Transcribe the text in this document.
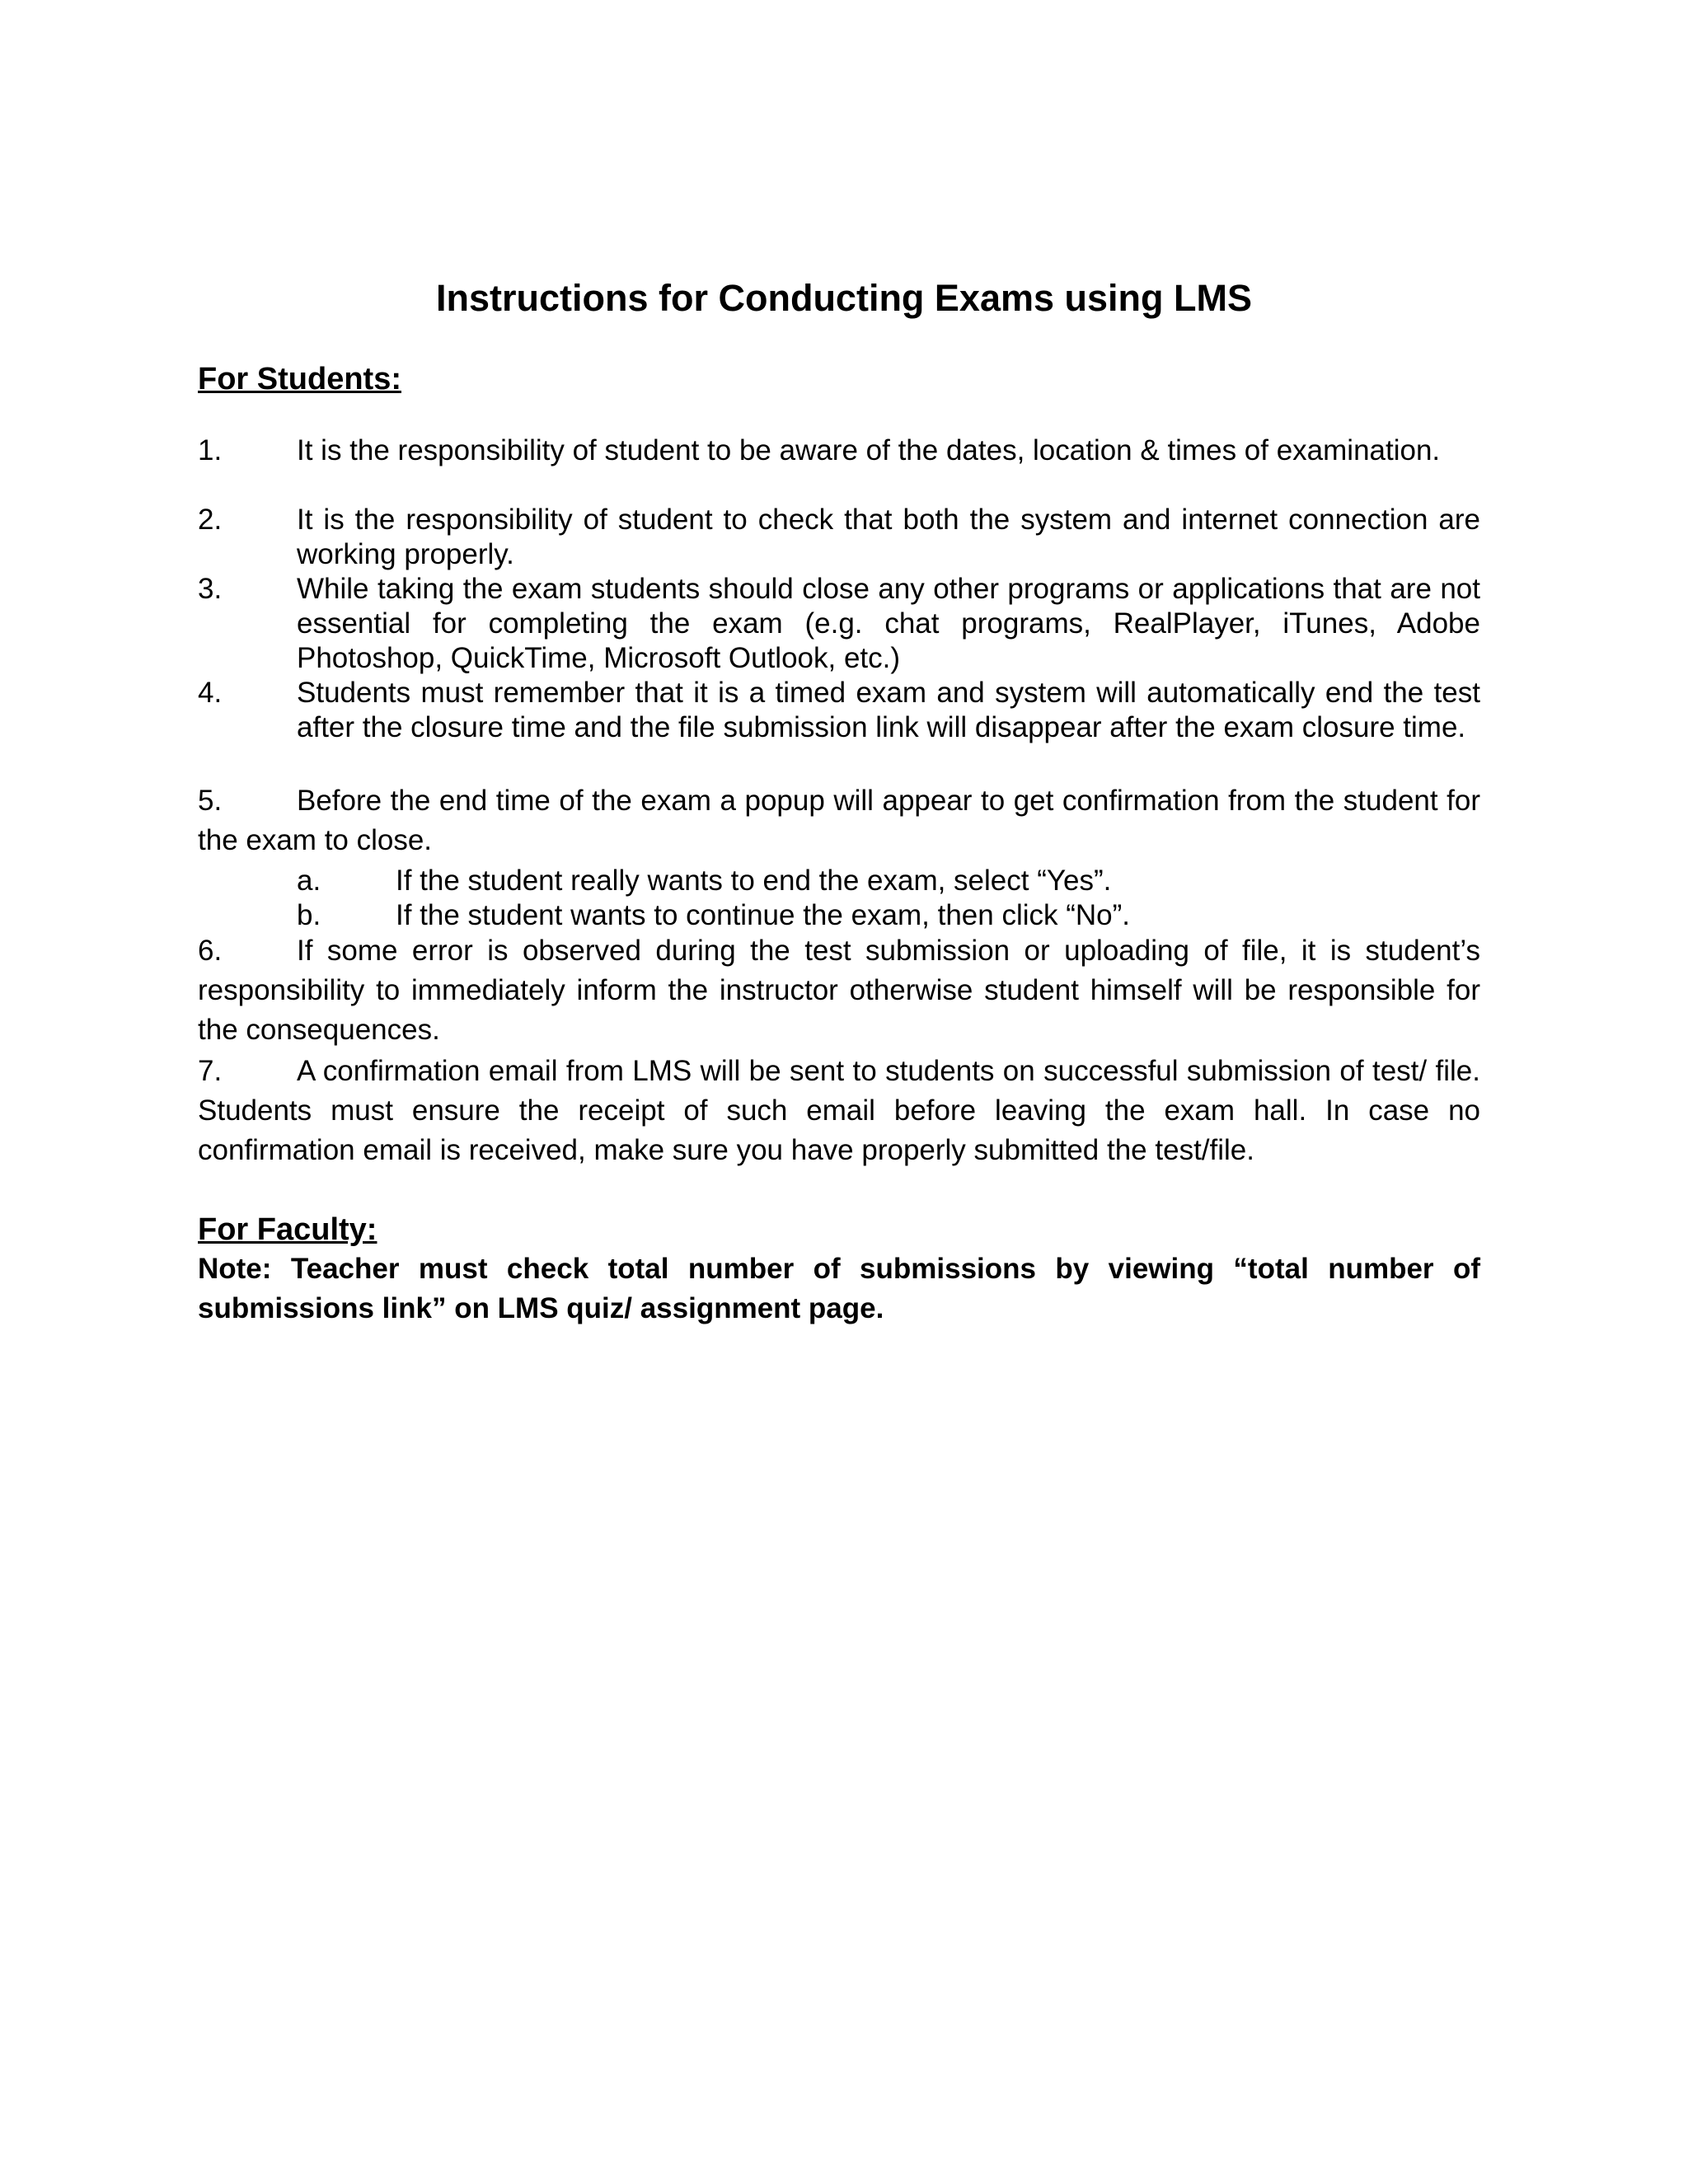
Instructions for Conducting Exams using LMS
For Students:
1.	It is the responsibility of student to be aware of the dates, location & times of examination.
2.	It is the responsibility of student to check that both the system and internet connection are working properly.
3.	While taking the exam students should close any other programs or applications that are not essential for completing the exam (e.g. chat programs, RealPlayer, iTunes, Adobe Photoshop, QuickTime, Microsoft Outlook, etc.)
4.	Students must remember that it is a timed exam and system will automatically end the test after the closure time and the file submission link will disappear after the exam closure time.
5.	Before the end time of the exam a popup will appear to get confirmation from the student for the exam to close.
a.	If the student really wants to end the exam, select “Yes”.
b.	If the student wants to continue the exam, then click “No”.
6.	If some error is observed during the test submission or uploading of file, it is student’s responsibility to immediately inform the instructor otherwise student himself will be responsible for the consequences.
7.	A confirmation email from LMS will be sent to students on successful submission of test/ file. Students must ensure the receipt of such email before leaving the exam hall. In case no confirmation email is received, make sure you have properly submitted the test/file.
For Faculty:

Note: Teacher must check total number of submissions by viewing “total number of submissions link” on LMS quiz/ assignment page.
